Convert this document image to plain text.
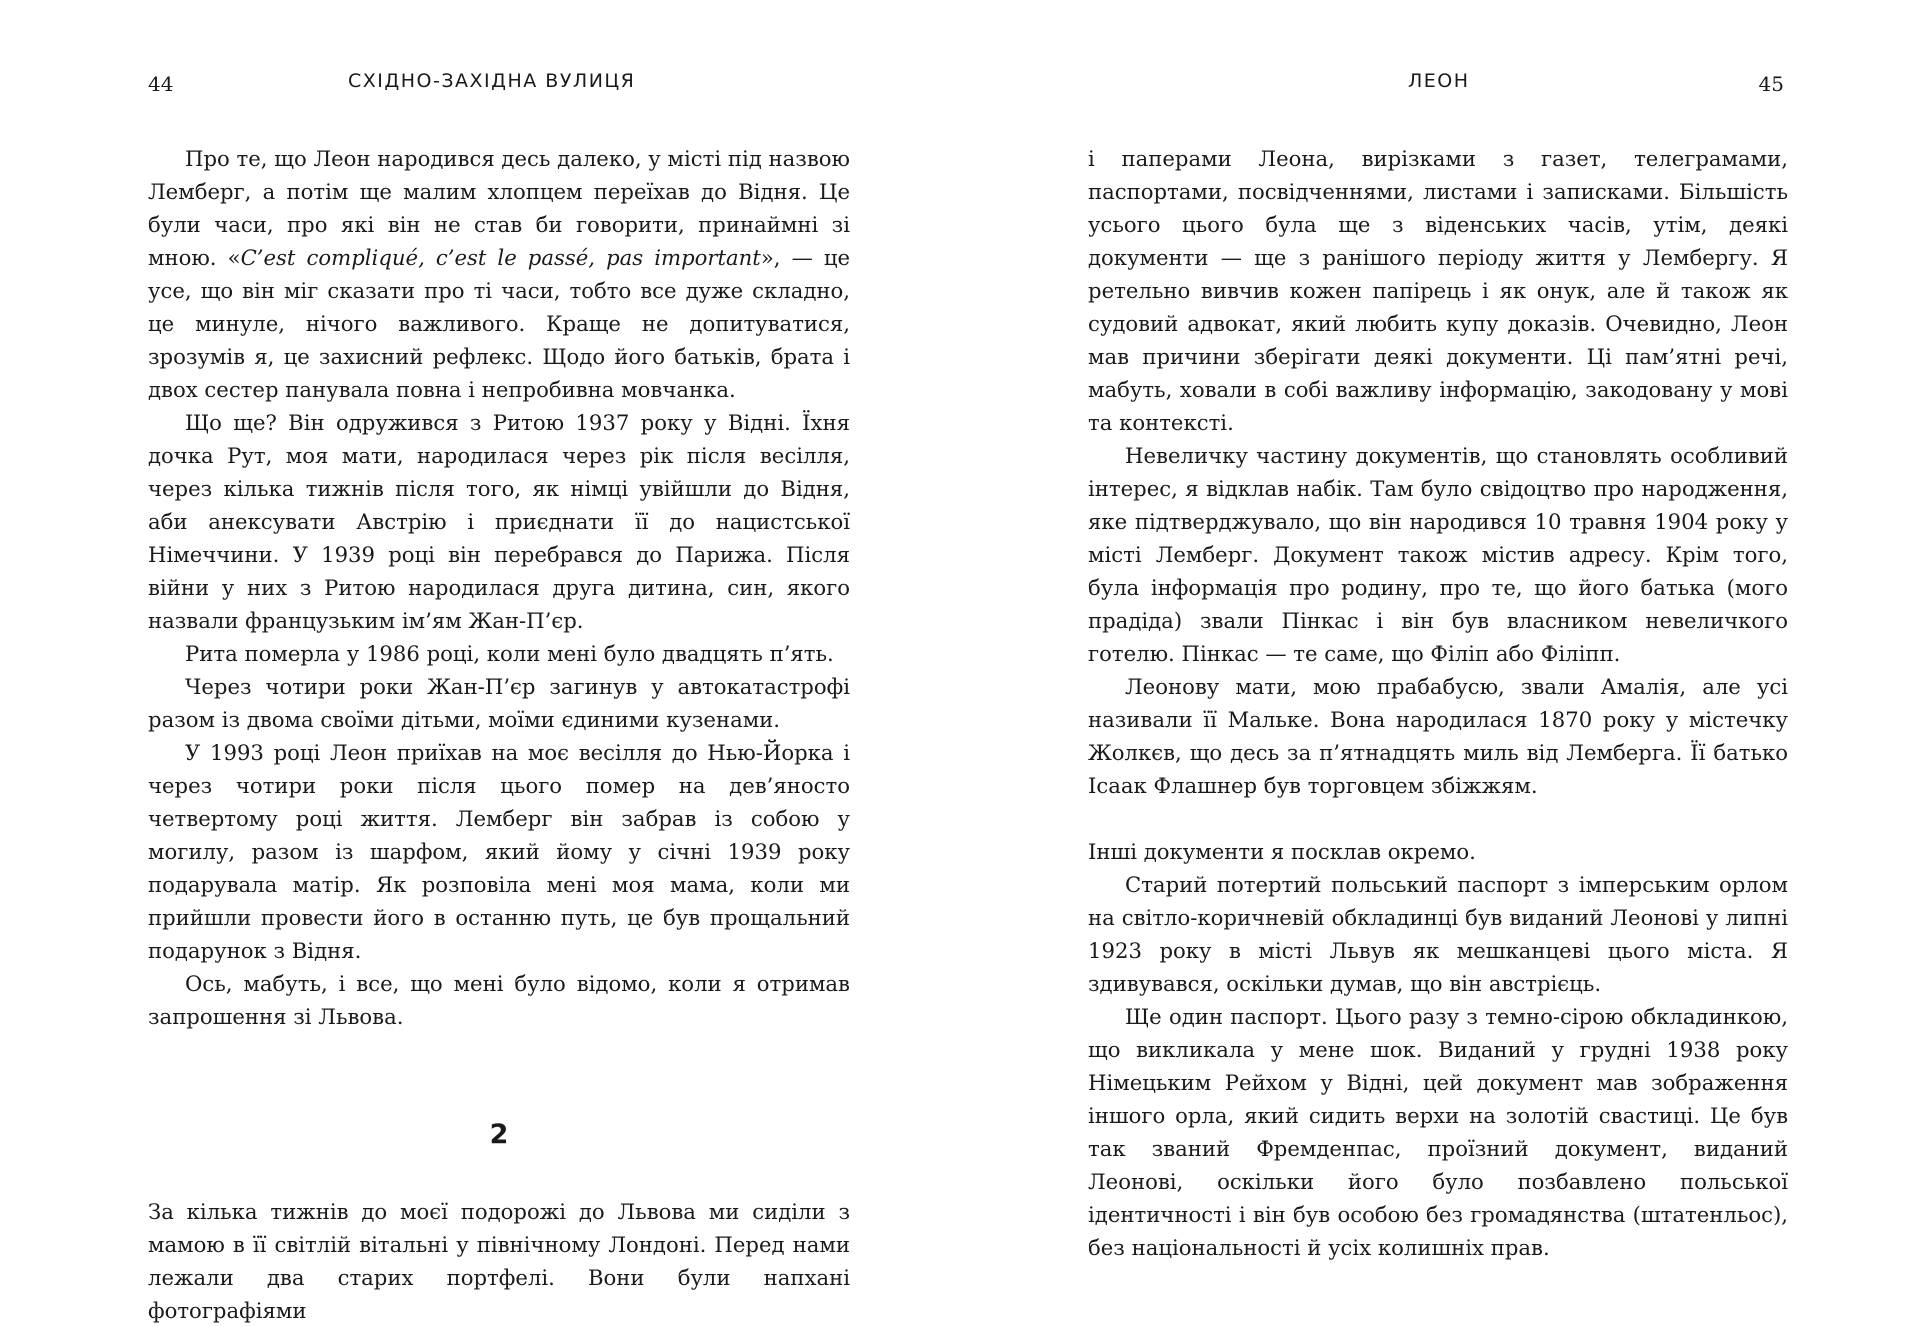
44	СХІДНО-ЗАХІДНА ВУЛИЦЯ

Про те, що Леон народився десь далеко, у місті під назвою Лемберг, а потім ще малим хлопцем переїхав до Відня. Це були часи, про які він не став би говорити, принаймні зі мною. «C’est compliqué, c’est le passé, pas important», — це усе, що він міг сказати про ті часи, тобто все дуже складно, це минуле, нічого важливого. Краще не допитуватися, зрозумів я, це захисний рефлекс. Щодо його батьків, брата і двох сестер панувала повна і непробивна мовчанка.

Що ще? Він одружився з Ритою 1937 року у Відні. Їхня дочка Рут, моя мати, народилася через рік після весілля, через кілька тижнів після того, як німці увійшли до Відня, аби анексувати Австрію і приєднати її до нацистської Німеччини. У 1939 році він перебрався до Парижа. Після війни у них з Ритою народилася друга дитина, син, якого назвали французьким ім’ям Жан-П’єр.

Рита померла у 1986 році, коли мені було двадцять п’ять.

Через чотири роки Жан-П’єр загинув у автокатастрофі разом із двома своїми дітьми, моїми єдиними кузенами.

У 1993 році Леон приїхав на моє весілля до Нью-Йорка і через чотири роки після цього помер на дев’яносто четвертому році життя. Лемберг він забрав із собою у могилу, разом із шарфом, який йому у січні 1939 року подарувала матір. Як розповіла мені моя мама, коли ми прийшли провести його в останню путь, це був прощальний подарунок з Відня.

Ось, мабуть, і все, що мені було відомо, коли я отримав запрошення зі Львова.

2

За кілька тижнів до моєї подорожі до Львова ми сиділи з мамою в її світлій вітальні у північному Лондоні. Перед нами лежали два старих портфелі. Вони були напхані фотографіями

ЛЕОН	45

і паперами Леона, вирізками з газет, телеграмами, паспортами, посвідченнями, листами і записками. Більшість усього цього була ще з віденських часів, утім, деякі документи — ще з ранішого періоду життя у Лембергу. Я ретельно вивчив кожен папірець і як онук, але й також як судовий адвокат, який любить купу доказів. Очевидно, Леон мав причини зберігати деякі документи. Ці пам’ятні речі, мабуть, ховали в собі важливу інформацію, закодовану у мові та контексті.

Невеличку частину документів, що становлять особливий інтерес, я відклав набік. Там було свідоцтво про народження, яке підтверджувало, що він народився 10 травня 1904 року у місті Лемберг. Документ також містив адресу. Крім того, була інформація про родину, про те, що його батька (мого прадіда) звали Пінкас і він був власником невеличкого готелю. Пінкас — те саме, що Філіп або Філіпп.

Леонову мати, мою прабабусю, звали Амалія, але усі називали її Мальке. Вона народилася 1870 року у містечку Жолкєв, що десь за п’ятнадцять миль від Лемберга. Її батько Ісаак Флашнер був торговцем збіжжям.

Інші документи я посклав окремо.

Старий потертий польський паспорт з імперським орлом на світло-коричневій обкладинці був виданий Леонові у липні 1923 року в місті Львув як мешканцеві цього міста. Я здивувався, оскільки думав, що він австрієць.

Ще один паспорт. Цього разу з темно-сірою обкладинкою, що викликала у мене шок. Виданий у грудні 1938 року Німецьким Рейхом у Відні, цей документ мав зображення іншого орла, який сидить верхи на золотій свастиці. Це був так званий Фремденпас, проїзний документ, виданий Леонові, оскільки його було позбавлено польської ідентичності і він був особою без громадянства (штатенльос), без національності й усіх колишніх прав.
